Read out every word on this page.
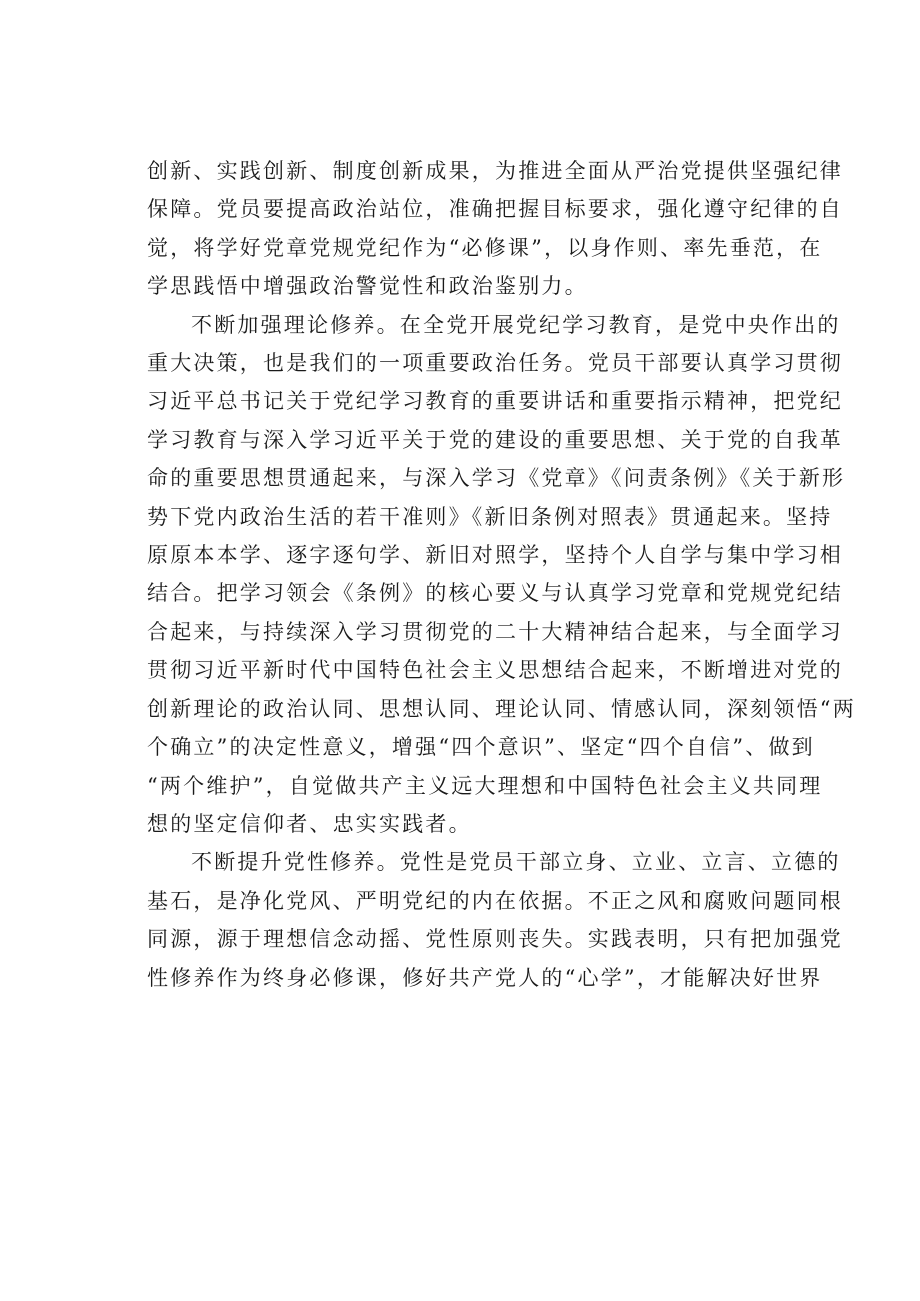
创新、实践创新、制度创新成果，为推进全面从严治党提供坚强纪律
保障。党员要提高政治站位，准确把握目标要求，强化遵守纪律的自
觉，将学好党章党规党纪作为“必修课”，以身作则、率先垂范，在
学思践悟中增强政治警觉性和政治鉴别力。

不断加强理论修养。在全党开展党纪学习教育，是党中央作出的
重大决策，也是我们的一项重要政治任务。党员干部要认真学习贯彻
习近平总书记关于党纪学习教育的重要讲话和重要指示精神，把党纪
学习教育与深入学习近平关于党的建设的重要思想、关于党的自我革
命的重要思想贯通起来，与深入学习《党章》《问责条例》《关于新形
势下党内政治生活的若干准则》《新旧条例对照表》贯通起来。坚持
原原本本学、逐字逐句学、新旧对照学，坚持个人自学与集中学习相
结合。把学习领会《条例》的核心要义与认真学习党章和党规党纪结
合起来，与持续深入学习贯彻党的二十大精神结合起来，与全面学习
贯彻习近平新时代中国特色社会主义思想结合起来，不断增进对党的
创新理论的政治认同、思想认同、理论认同、情感认同，深刻领悟“两
个确立”的决定性意义，增强“四个意识”、坚定“四个自信”、做到
“两个维护”，自觉做共产主义远大理想和中国特色社会主义共同理
想的坚定信仰者、忠实实践者。

不断提升党性修养。党性是党员干部立身、立业、立言、立德的
基石，是净化党风、严明党纪的内在依据。不正之风和腐败问题同根
同源，源于理想信念动摇、党性原则丧失。实践表明，只有把加强党
性修养作为终身必修课，修好共产党人的“心学”，才能解决好世界
